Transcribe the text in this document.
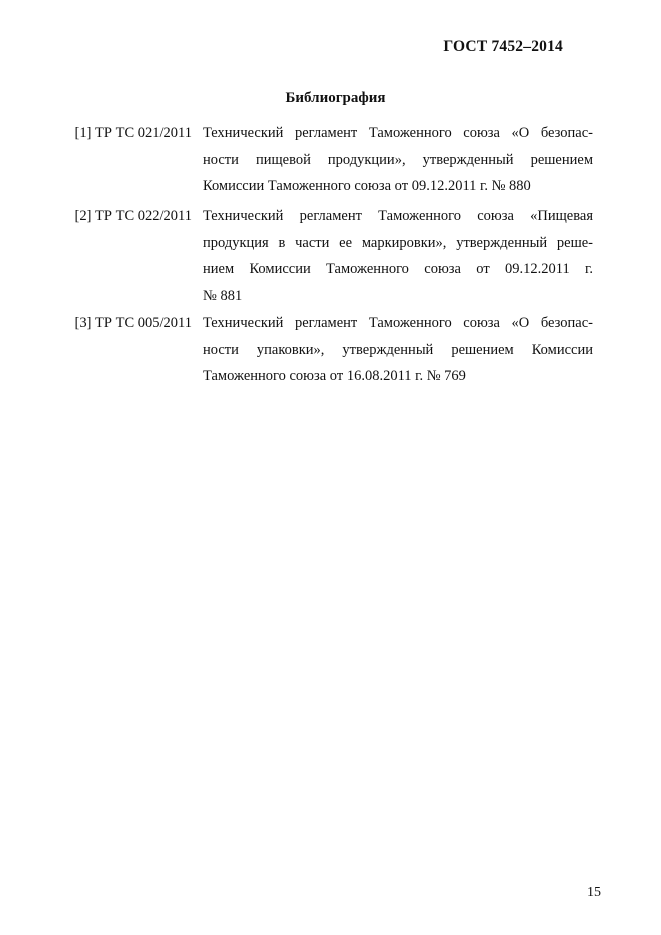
ГОСТ 7452–2014
Библиография
[1] ТР ТС 021/2011 Технический регламент Таможенного союза «О безопас-
ности пищевой продукции», утвержденный решением
Комиссии Таможенного союза от 09.12.2011 г. № 880
[2] ТР ТС 022/2011 Технический регламент Таможенного союза «Пищевая
продукция в части ее маркировки», утвержденный реше-
нием Комиссии Таможенного союза от 09.12.2011 г.
№ 881
[3] ТР ТС 005/2011 Технический регламент Таможенного союза «О безопас-
ности упаковки», утвержденный решением Комиссии
Таможенного союза от 16.08.2011 г. № 769
15
